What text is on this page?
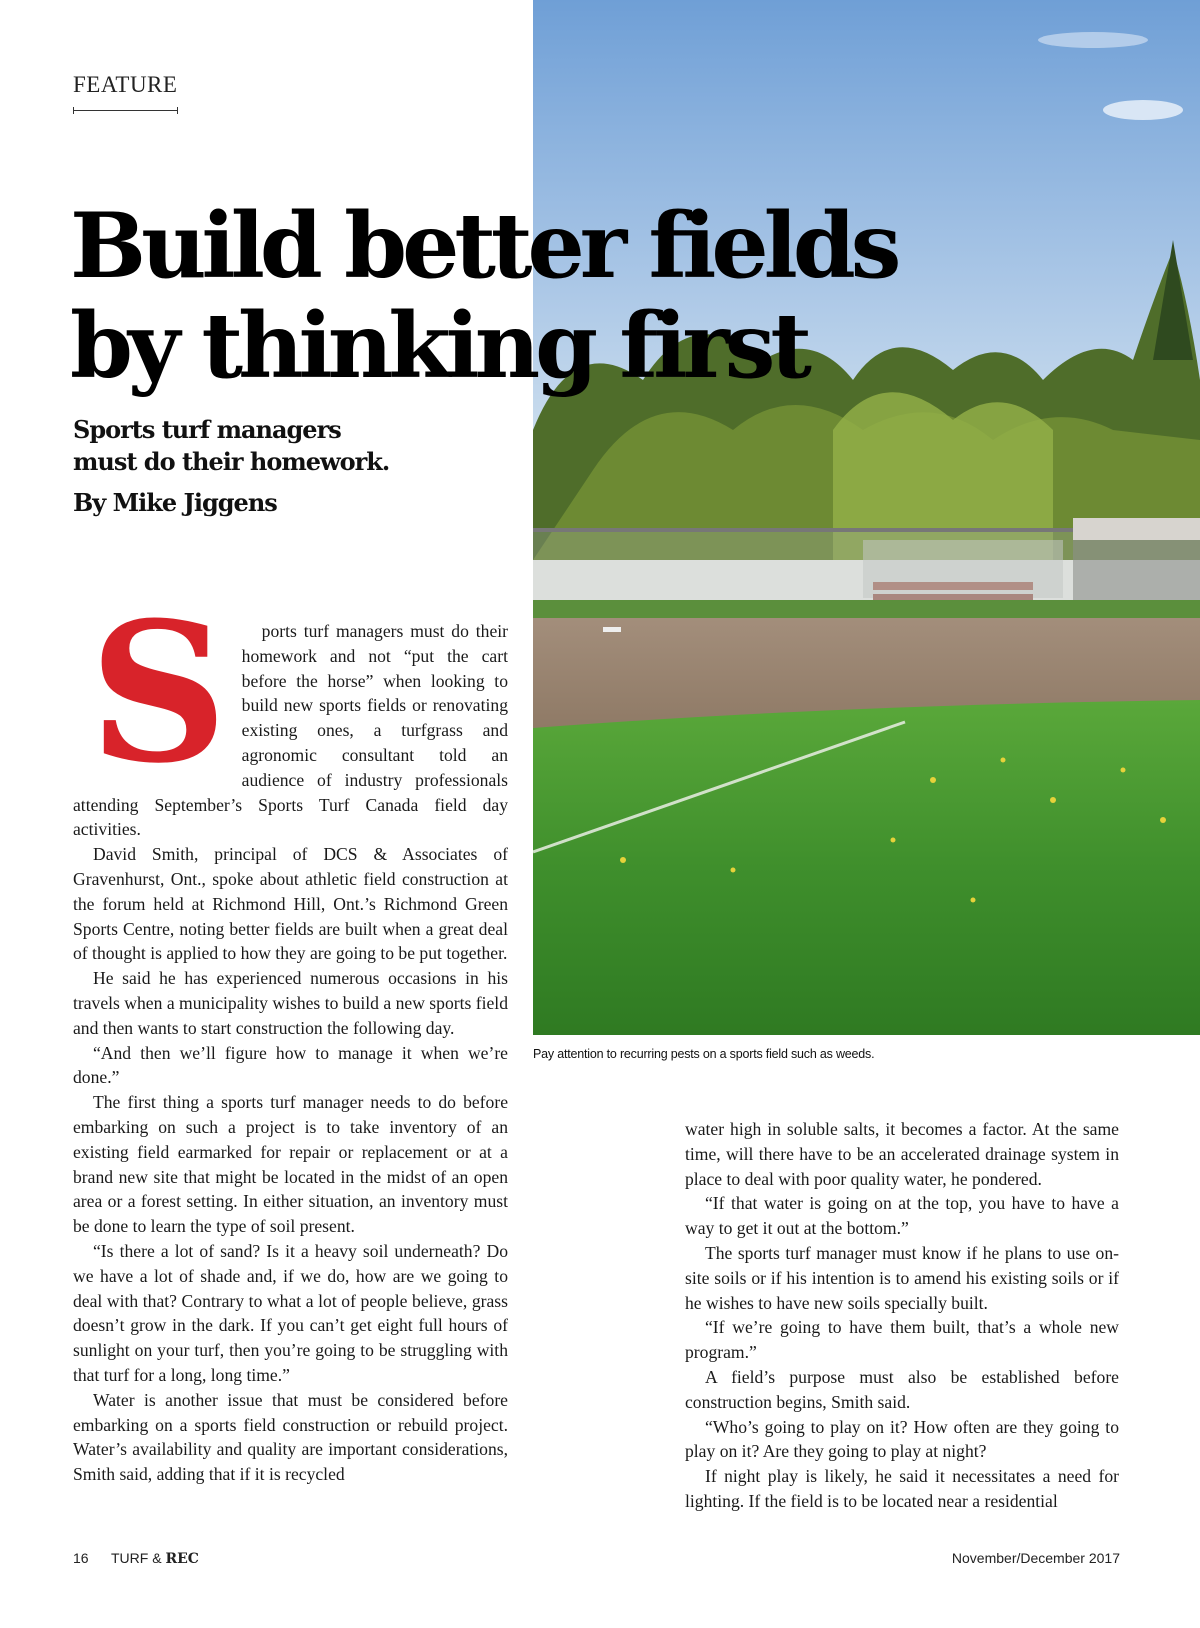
Pay attention to recurring pests on a sports field such as weeds.
FEATURE
Build better fields
by thinking first
Sports turf managers
must do their homework.
By Mike Jiggens

S ports turf managers must do their homework and not “put the cart before the horse” when looking to build new sports fields or renovating existing ones, a turfgrass and agronomic consultant told an audience of industry professionals attending September’s Sports Turf Canada field day activities.

David Smith, principal of DCS & Associates of Gravenhurst, Ont., spoke about athletic field construction at the forum held at Richmond Hill, Ont.’s Richmond Green Sports Centre, noting better fields are built when a great deal of thought is applied to how they are going to be put together.

He said he has experienced numerous occasions in his travels when a municipality wishes to build a new sports field and then wants to start construction the following day.

“And then we’ll figure how to manage it when we’re done.”

The first thing a sports turf manager needs to do before embarking on such a project is to take inventory of an existing field earmarked for repair or replacement or at a brand new site that might be located in the midst of an open area or a forest setting. In either situation, an inventory must be done to learn the type of soil present.

“Is there a lot of sand? Is it a heavy soil underneath? Do we have a lot of shade and, if we do, how are we going to deal with that? Contrary to what a lot of people believe, grass doesn’t grow in the dark. If you can’t get eight full hours of sunlight on your turf, then you’re going to be struggling with that turf for a long, long time.”

Water is another issue that must be considered before embarking on a sports field construction or rebuild project. Water’s availability and quality are important considerations, Smith said, adding that if it is recycled

water high in soluble salts, it becomes a factor. At the same time, will there have to be an accelerated drainage system in place to deal with poor quality water, he pondered.

“If that water is going on at the top, you have to have a way to get it out at the bottom.”

The sports turf manager must know if he plans to use on-site soils or if his intention is to amend his existing soils or if he wishes to have new soils specially built.

“If we’re going to have them built, that’s a whole new program.”

A field’s purpose must also be established before construction begins, Smith said.

“Who’s going to play on it? How often are they going to play on it? Are they going to play at night?

If night play is likely, he said it necessitates a need for lighting. If the field is to be located near a residential

16 TURF & REC	November/December 2017
